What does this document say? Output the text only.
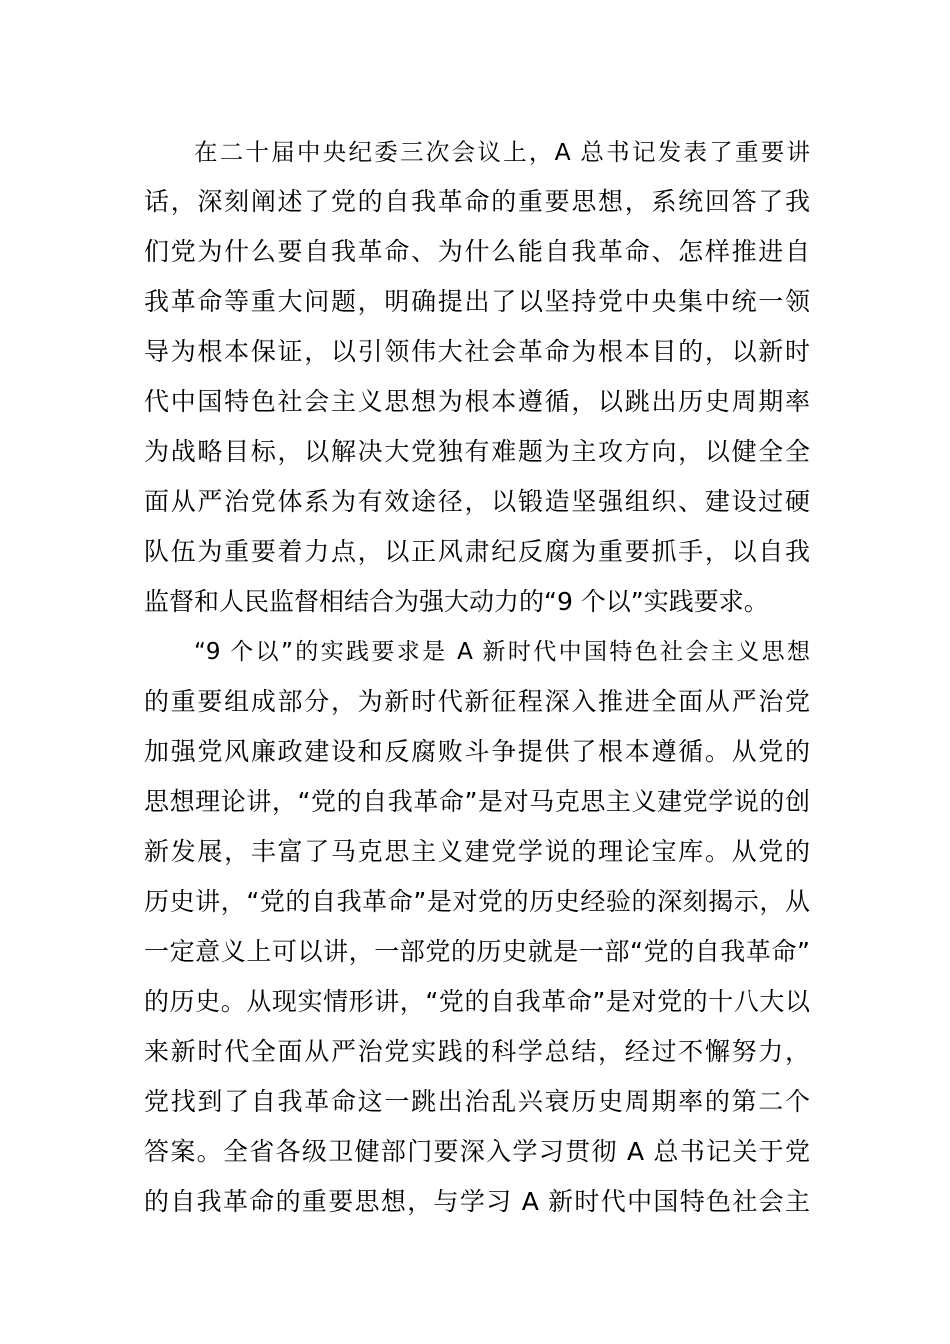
在二十届中央纪委三次会议上，A 总书记发表了重要讲
话，深刻阐述了党的自我革命的重要思想，系统回答了我
们党为什么要自我革命、为什么能自我革命、怎样推进自
我革命等重大问题，明确提出了以坚持党中央集中统一领
导为根本保证，以引领伟大社会革命为根本目的，以新时
代中国特色社会主义思想为根本遵循，以跳出历史周期率
为战略目标，以解决大党独有难题为主攻方向，以健全全
面从严治党体系为有效途径，以锻造坚强组织、建设过硬
队伍为重要着力点，以正风肃纪反腐为重要抓手，以自我
监督和人民监督相结合为强大动力的“9 个以”实践要求。
“9 个以”的实践要求是 A 新时代中国特色社会主义思想
的重要组成部分，为新时代新征程深入推进全面从严治党
加强党风廉政建设和反腐败斗争提供了根本遵循。从党的
思想理论讲，“党的自我革命”是对马克思主义建党学说的创
新发展，丰富了马克思主义建党学说的理论宝库。从党的
历史讲，“党的自我革命”是对党的历史经验的深刻揭示，从
一定意义上可以讲，一部党的历史就是一部“党的自我革命”
的历史。从现实情形讲，“党的自我革命”是对党的十八大以
来新时代全面从严治党实践的科学总结，经过不懈努力，
党找到了自我革命这一跳出治乱兴衰历史周期率的第二个
答案。全省各级卫健部门要深入学习贯彻 A 总书记关于党
的自我革命的重要思想，与学习 A 新时代中国特色社会主
